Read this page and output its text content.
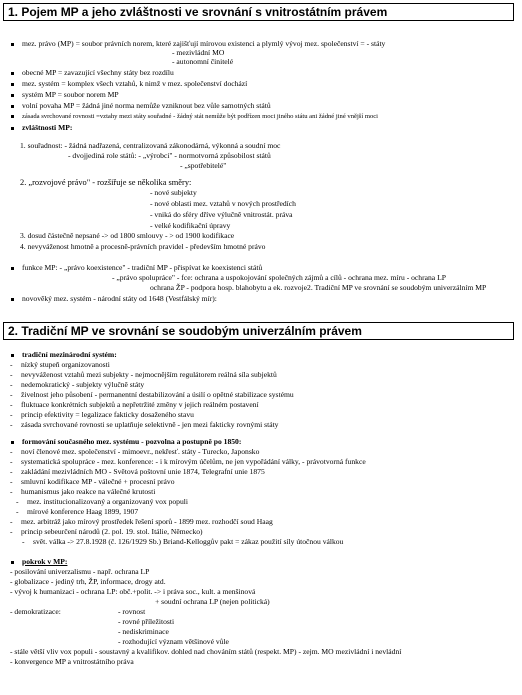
1. Pojem MP a jeho zvláštnosti ve srovnání s vnitrostátním právem
mez. právo (MP) = soubor právních norem, které zajišťují mírovou existenci a plymlý vývoj mez. společenství = - státy
- mezivládní MO
- autonomní činitelé
obecné MP = zavazující všechny státy bez rozdílu
mez. systém = komplex všech vztahů, k nimž v mez. společenství dochází
systém MP = soubor norem MP
volní povaha MP = žádná jiné norma nemůže vzniknout bez vůle samotných států
zásada svrchované rovnosti =vztahy mezi státy souřadné - žádný stát nemůže být podřízen moci jiného státu ani žádné jiné vnější moci
zvláštnosti MP:
1. souřadnost: - žádná nadřazená, centralizovaná zákonodárná, výkonná a soudní moc
- dvojjediná role států: - „výrobci" - normotvorná způsobilost států
- „spotřebitelé"
2. „rozvojové právo" - rozšiřuje se několika směry:
- nové subjekty
- nové oblasti mez. vztahů v nových prostředích
- vniká do sféry dříve výlučně vnitrostát. práva
- velké kodifikační úpravy
3. dosud částečně nepsané -> od 1800 smlouvy - > od 1900 kodifikace
4. nevyváženost hmotně a procesně-právních pravidel - především hmotné právo
funkce MP: - „právo koexistence" - tradiční MP - přispívat ke koexistenci států
- „právo spolupráce" - fce: ochrana a uspokojování společných zájmů a cílů - ochrana mez. míru - ochrana LP
ochrana ŽP - podpora hosp. blahobytu a ek. rozvoje2. Tradiční MP ve srovnání se soudobým univerzálním MP
novověký mez. systém - národní státy od 1648 (Vestfálský mír):
2. Tradiční MP ve srovnání se soudobým univerzálním právem
tradiční mezinárodní systém:
- nízký stupeň organizovanosti
- nevyváženost vztahů mezi subjekty - nejmocnějším regulátorem reálná síla subjektů
- nedemokratický - subjekty výlučně státy
- živelnost jeho působení - permanentní destabilizování a úsilí o opětné stabilizace systému
- fluktuace konkrétních subjektů a nepřetržité změny v jejich reálném postavení
- princip efektivity = legalizace fakticky dosaženého stavu
- zásada svrchované rovnosti se uplatňuje selektivně - jen mezi fakticky rovnými státy
formování současného mez. systému - pozvolna a postupně po 1850:
- noví členové mez. společenství - mimoevr., nekřesť. státy - Turecko, Japonsko
- systematická spolupráce - mez. konference: - i k mírovým účelům, ne jen vypořádání války, - právotvorná funkce
- zakládání mezivládních MO - Světová poštovní unie 1874, Telegrafní unie 1875
- smluvní kodifikace MP - válečné + procesní právo
- humanismus jako reakce na válečné krutosti
- mez. institucionalizovaný a organizovaný vox populi
- mírové konference Haag 1899, 1907
- mez. arbitráž jako mírový prostředek řešení sporů - 1899 mez. rozhodčí soud Haag
- princip sebeurčení národů (2. pol. 19. stol. Itálie, Německo)
- svět. válka -> 27.8.1928 (č. 126/1929 Sb.) Briand-Kelloggův pakt = zákaz použití síly útočnou válkou
pokrok v MP:
- posilování univerzalismu - např. ochrana LP
- globalizace - jediný trh, ŽP, informace, drogy atd.
- vývoj k humanizaci - ochrana LP: obč.+polit. -> i práva soc., kult. a menšinová
+ soudní ochrana LP (nejen politická)
- demokratizace:	- rovnost
- rovné příležitosti
- nediskriminace
- rozhodující význam většinové vůle
- stále větší vliv vox populi - soustavný a kvalifikov. dohled nad chováním států (respekt. MP) - zejm. MO mezivládní i nevládní
- konvergence MP a vnitrostátního práva
